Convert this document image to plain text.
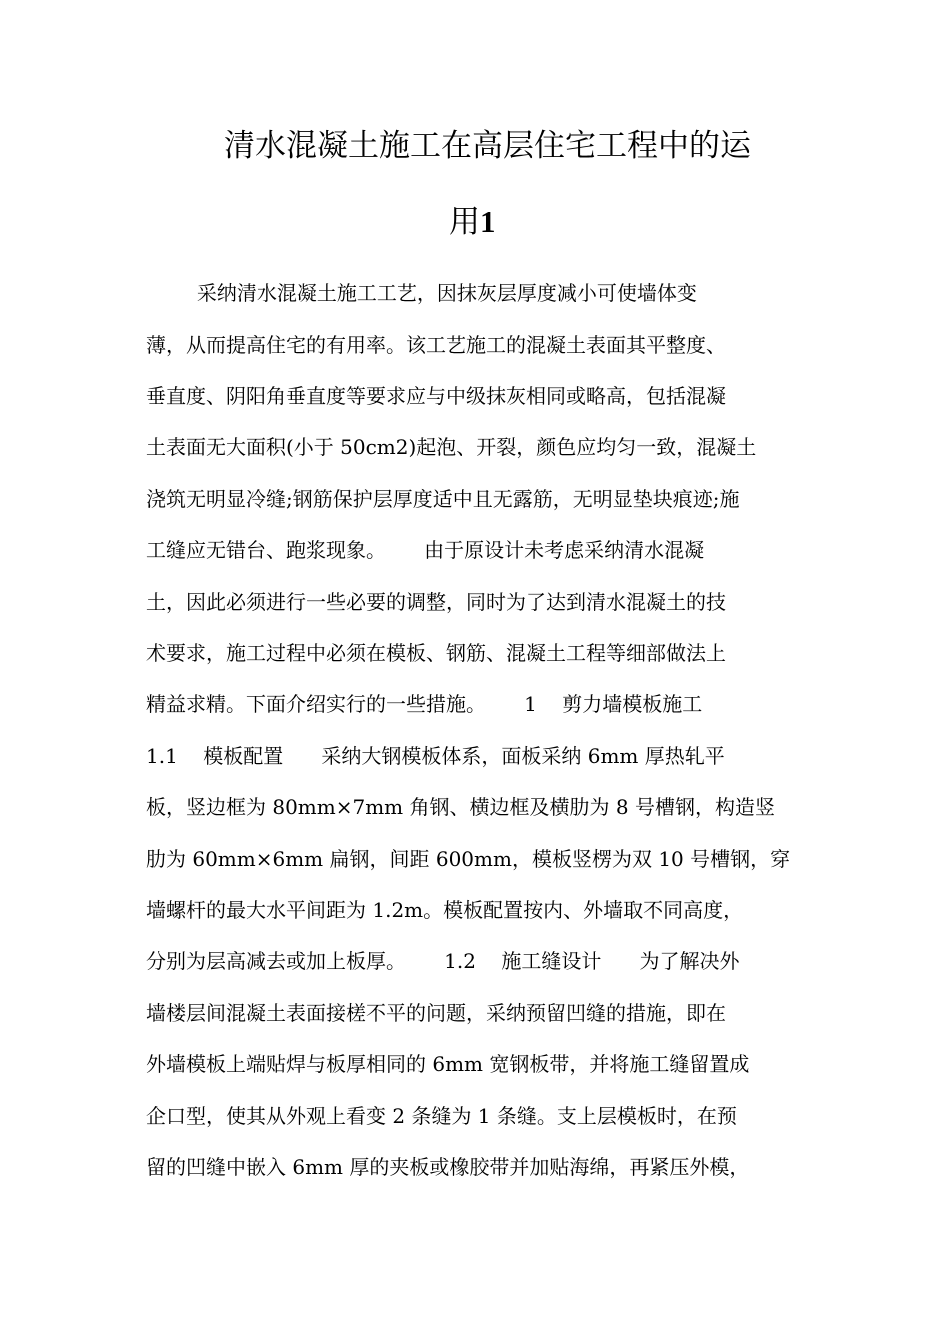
清水混凝土施工在高层住宅工程中的运
用1
采纳清水混凝土施工工艺，因抹灰层厚度减小可使墙体变
薄，从而提高住宅的有用率。该工艺施工的混凝土表面其平整度、
垂直度、阴阳角垂直度等要求应与中级抹灰相同或略高，包括混凝
土表面无大面积(小于 50cm2)起泡、开裂，颜色应均匀一致，混凝土
浇筑无明显冷缝;钢筋保护层厚度适中且无露筋，无明显垫块痕迹;施
工缝应无错台、跑浆现象。      由于原设计未考虑采纳清水混凝
土，因此必须进行一些必要的调整，同时为了达到清水混凝土的技
术要求，施工过程中必须在模板、钢筋、混凝土工程等细部做法上
精益求精。下面介绍实行的一些措施。      1    剪力墙模板施工
1.1    模板配置      采纳大钢模板体系，面板采纳 6mm 厚热轧平
板，竖边框为 80mm×7mm 角钢、横边框及横肋为 8 号槽钢，构造竖
肋为 60mm×6mm 扁钢，间距 600mm，模板竖楞为双 10 号槽钢，穿
墙螺杆的最大水平间距为 1.2m。模板配置按内、外墙取不同高度，
分别为层高减去或加上板厚。      1.2    施工缝设计      为了解决外
墙楼层间混凝土表面接槎不平的问题，采纳预留凹缝的措施，即在
外墙模板上端贴焊与板厚相同的 6mm 宽钢板带，并将施工缝留置成
企口型，使其从外观上看变 2 条缝为 1 条缝。支上层模板时，在预
留的凹缝中嵌入 6mm 厚的夹板或橡胶带并加贴海绵，再紧压外模，
